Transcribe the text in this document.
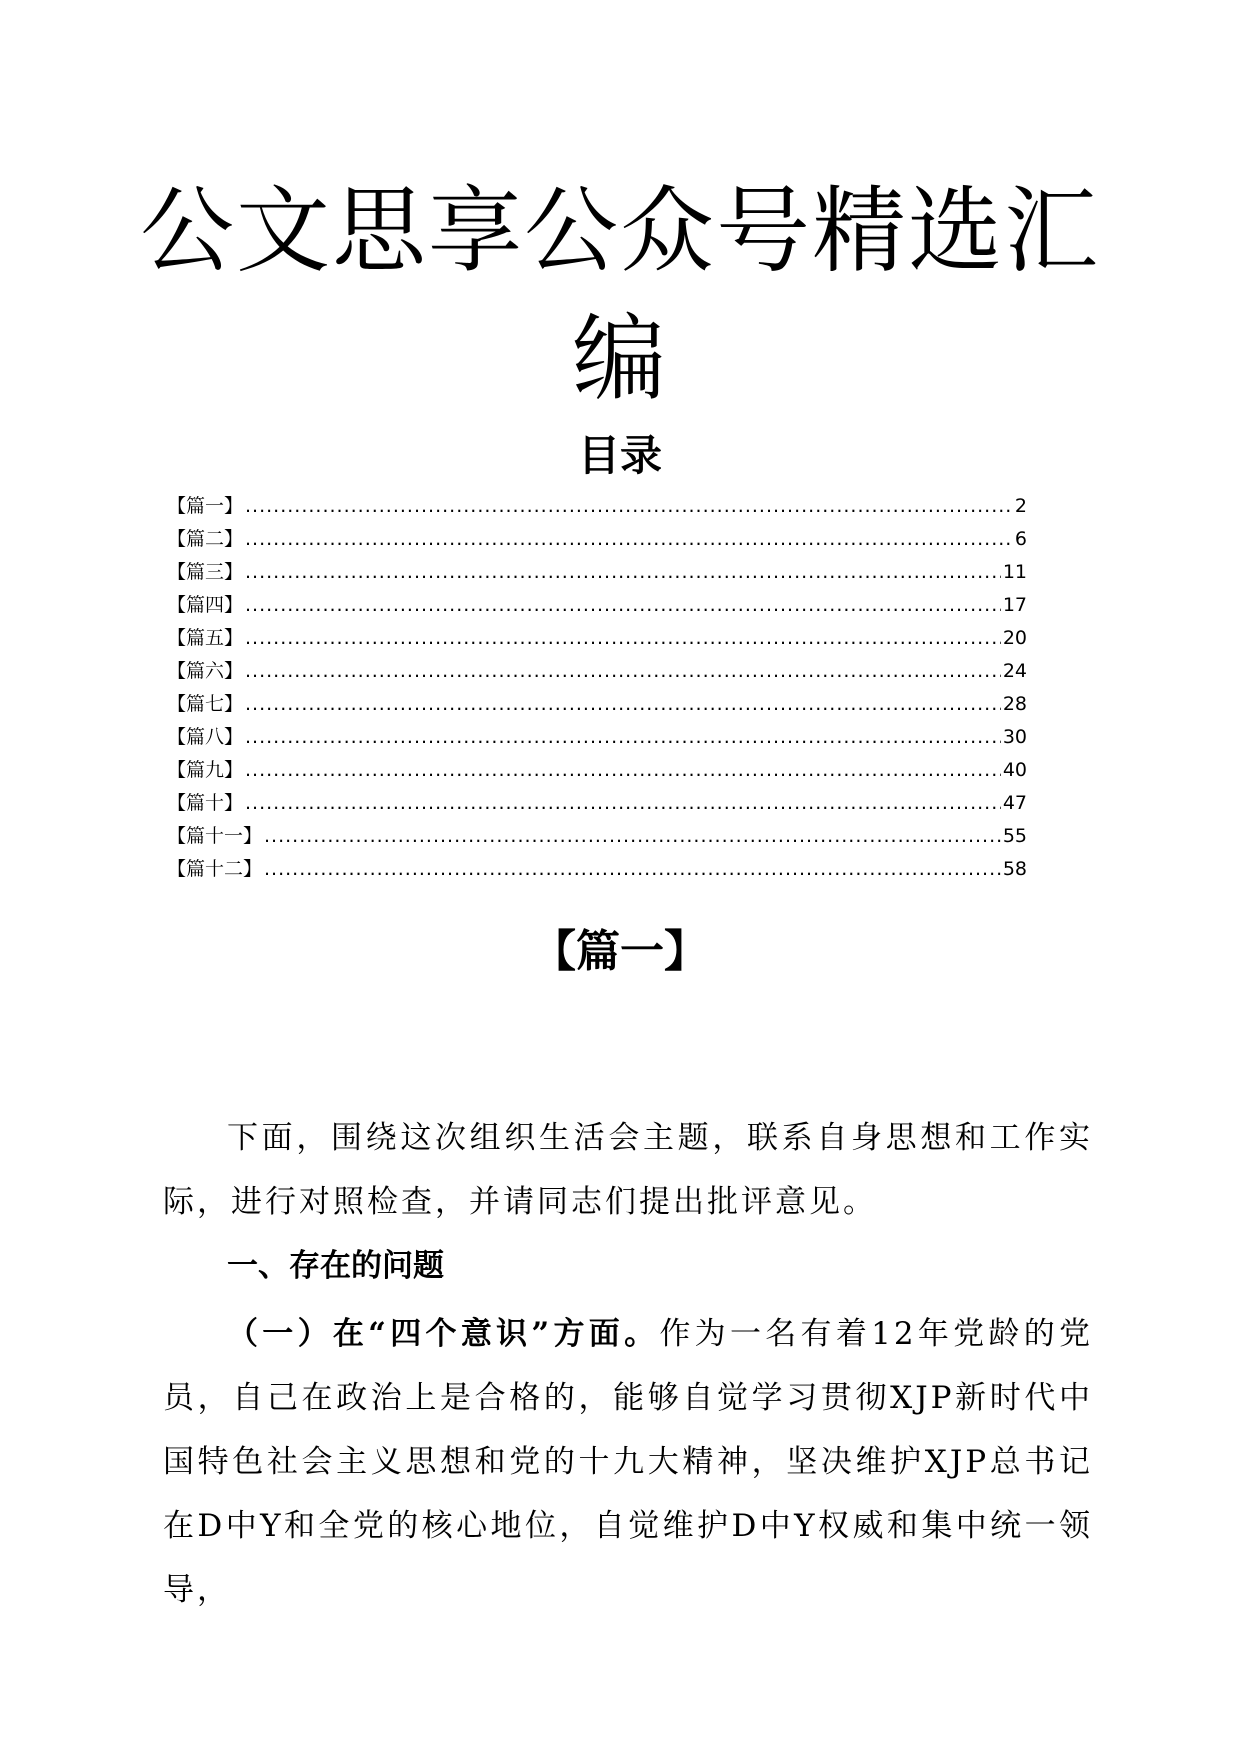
公文思享公众号精选汇编
目录
【篇一】 .....	2
【篇二】 .....	6
【篇三】 .....	11
【篇四】 .....	17
【篇五】 .....	20
【篇六】 .....	24
【篇七】 .....	28
【篇八】 .....	30
【篇九】 .....	40
【篇十】 .....	47
【篇十一】 .....	55
【篇十二】 .....	58
【篇一】
下面，围绕这次组织生活会主题，联系自身思想和工作实际，进行对照检查，并请同志们提出批评意见。
一、存在的问题
（一）在“四个意识”方面。作为一名有着12年党龄的党员，自己在政治上是合格的，能够自觉学习贯彻XJP新时代中国特色社会主义思想和党的十九大精神，坚决维护XJP总书记在D中Y和全党的核心地位，自觉维护D中Y权威和集中统一领导，
